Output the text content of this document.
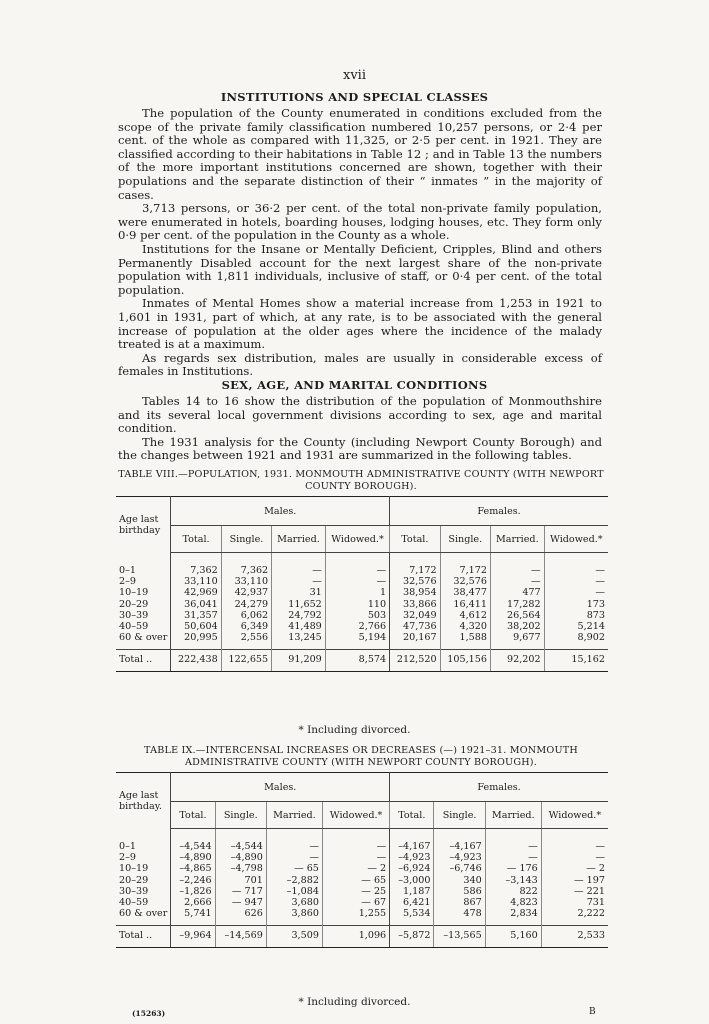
xvii
INSTITUTIONS AND SPECIAL CLASSES

The population of the County enumerated in conditions excluded from the scope of the private family classification numbered 10,257 persons, or 2·4 per cent. of the whole as compared with 11,325, or 2·5 per cent. in 1921. They are classified according to their habitations in Table 12 ; and in Table 13 the numbers of the more important institutions concerned are shown, together with their populations and the separate distinction of their “ inmates ” in the majority of cases.

3,713 persons, or 36·2 per cent. of the total non-private family population, were enumerated in hotels, boarding houses, lodging houses, etc. They form only 0·9 per cent. of the population in the County as a whole.

Institutions for the Insane or Mentally Deficient, Cripples, Blind and others Permanently Disabled account for the next largest share of the non-private population with 1,811 individuals, inclusive of staff, or 0·4 per cent. of the total population.

Inmates of Mental Homes show a material increase from 1,253 in 1921 to 1,601 in 1931, part of which, at any rate, is to be associated with the general increase of population at the older ages where the incidence of the malady treated is at a maximum.

As regards sex distribution, males are usually in considerable excess of females in Institutions.

SEX, AGE, AND MARITAL CONDITIONS

Tables 14 to 16 show the distribution of the population of Monmouthshire and its several local government divisions according to sex, age and marital condition.

The 1931 analysis for the County (including Newport County Borough) and the changes between 1921 and 1931 are summarized in the following tables.

TABLE VIII.—POPULATION, 1931. MONMOUTH ADMINISTRATIVE COUNTY (WITH NEWPORT COUNTY BOROUGH).
Age last birthday	Males.				Females.			
	Total.	Single.	Married.	Widowed.*	Total.	Single.	Married.	Widowed.*
0–1	7,362	7,362	—	—	7,172	7,172	—	—
2–9	33,110	33,110	—	—	32,576	32,576	—	—
10–19	42,969	42,937	31	1	38,954	38,477	477	—
20–29	36,041	24,279	11,652	110	33,866	16,411	17,282	173
30–39	31,357	6,062	24,792	503	32,049	4,612	26,564	873
40–59	50,604	6,349	41,489	2,766	47,736	4,320	38,202	5,214
60 & over	20,995	2,556	13,245	5,194	20,167	1,588	9,677	8,902
Total ..	222,438	122,655	91,209	8,574	212,520	105,156	92,202	15,162
* Including divorced.
TABLE IX.—INTERCENSAL INCREASES OR DECREASES (—) 1921–31. MONMOUTH ADMINISTRATIVE COUNTY (WITH NEWPORT COUNTY BOROUGH).
Age last birthday.	Males.				Females.			
	Total.	Single.	Married.	Widowed.*	Total.	Single.	Married.	Widowed.*
0–1	–4,544	–4,544	—	—	–4,167	–4,167	—	—
2–9	–4,890	–4,890	—	—	–4,923	–4,923	—	—
10–19	–4,865	–4,798	— 65	— 2	–6,924	–6,746	— 176	— 2
20–29	–2,246	701	–2,882	— 65	–3,000	340	–3,143	— 197
30–39	–1,826	— 717	–1,084	— 25	1,187	586	822	— 221
40–59	2,666	— 947	3,680	— 67	6,421	867	4,823	731
60 & over	5,741	626	3,860	1,255	5,534	478	2,834	2,222
Total ..	–9,964	–14,569	3,509	1,096	–5,872	–13,565	5,160	2,533
* Including divorced.
(15263)	B
